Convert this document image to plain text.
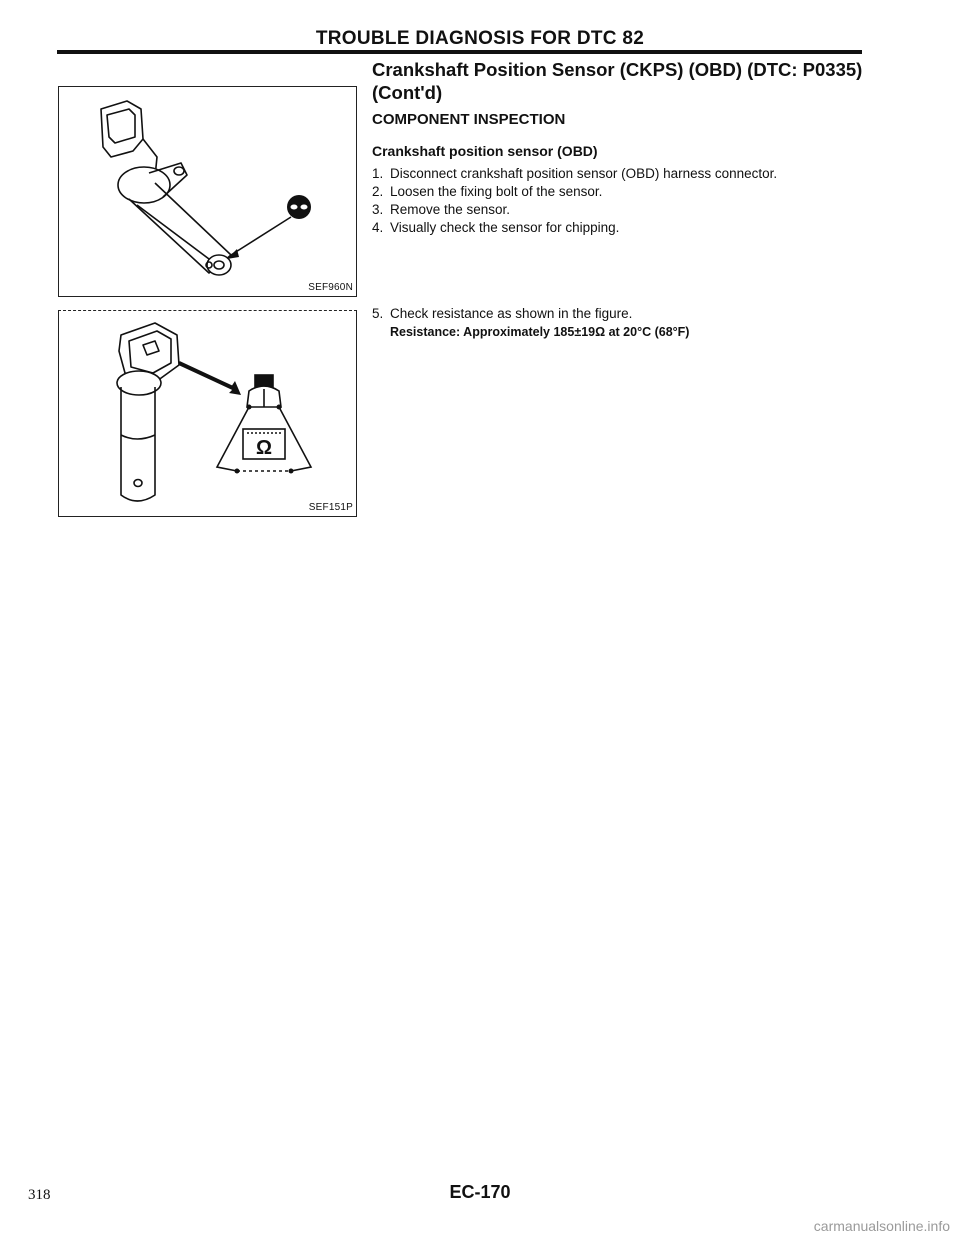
TROUBLE DIAGNOSIS FOR DTC 82
SEF960N
Ω
SEF151P
Crankshaft Position Sensor (CKPS) (OBD) (DTC: P0335) (Cont'd)
COMPONENT INSPECTION
Crankshaft position sensor (OBD)
1. Disconnect crankshaft position sensor (OBD) harness connector.
2. Loosen the fixing bolt of the sensor.
3. Remove the sensor.
4. Visually check the sensor for chipping.
5. Check resistance as shown in the figure.
Resistance: Approximately 185±19Ω at 20°C (68°F)
318	EC-170
carmanualsonline.info
